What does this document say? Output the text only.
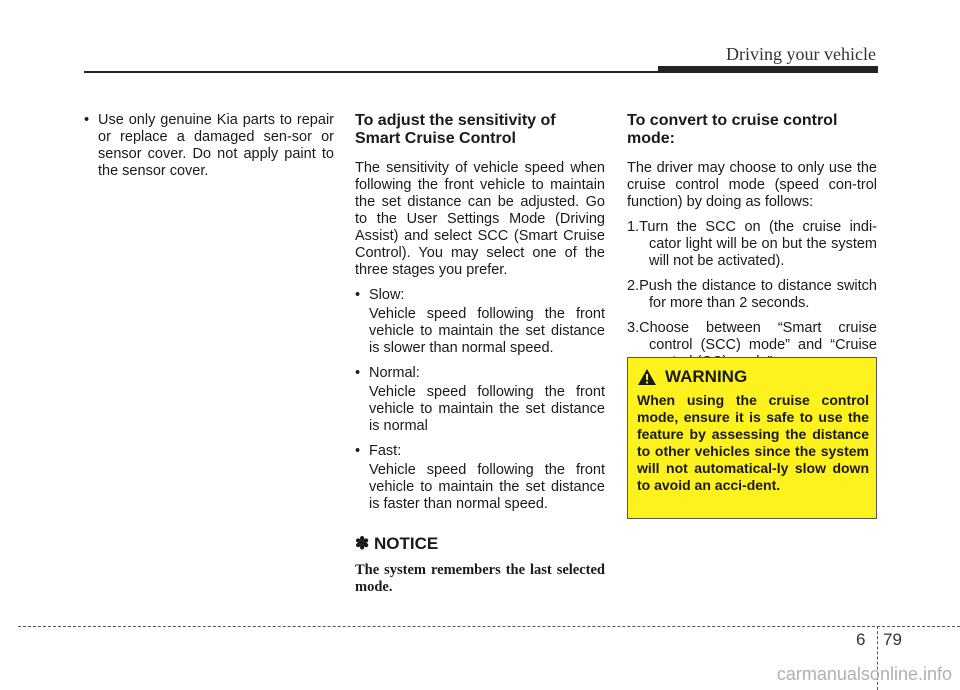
Driving your vehicle

• Use only genuine Kia parts to repair or replace a damaged sen-sor or sensor cover. Do not apply paint to the sensor cover.

To adjust the sensitivity of Smart Cruise Control

The sensitivity of vehicle speed when following the front vehicle to maintain the set distance can be adjusted. Go to the User Settings Mode (Driving Assist) and select SCC (Smart Cruise Control). You may select one of the three stages you prefer.

• Slow:

Vehicle speed following the front vehicle to maintain the set distance is slower than normal speed.

• Normal:

Vehicle speed following the front vehicle to maintain the set distance is normal

• Fast:

Vehicle speed following the front vehicle to maintain the set distance is faster than normal speed.

✽ NOTICE

The system remembers the last selected mode.

To convert to cruise control mode:

The driver may choose to only use the cruise control mode (speed con-trol function) by doing as follows:

1.Turn the SCC on (the cruise indi-cator light will be on but the system will not be activated).

2.Push the distance to distance switch for more than 2 seconds.

3.Choose between “Smart cruise control (SCC) mode” and “Cruise

WARNING
When using the cruise control mode, ensure it is safe to use the feature by assessing the distance to other vehicles since the system will not automatical-ly slow down to avoid an acci-dent.
6 79
carmanualsonline.info
